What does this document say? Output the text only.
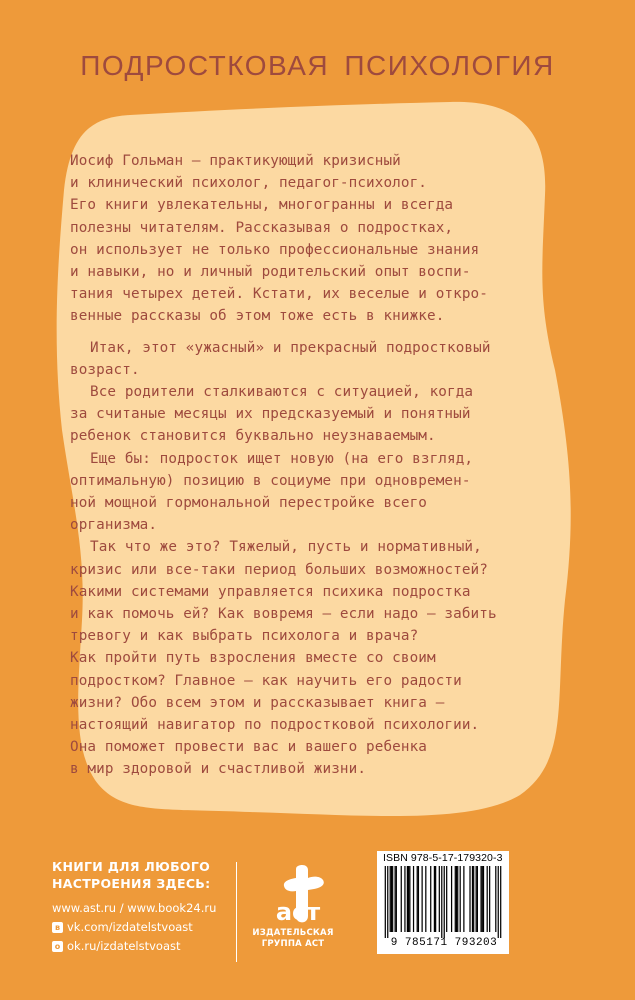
ПОДРОСТКОВАЯ ПСИХОЛОГИЯ

Иосиф Гольман — практикующий кризисный
и клинический психолог, педагог-психолог.
Его книги увлекательны, многогранны и всегда
полезны читателям. Рассказывая о подростках,
он использует не только профессиональные знания
и навыки, но и личный родительский опыт воспи-
тания четырех детей. Кстати, их веселые и откро-
венные рассказы об этом тоже есть в книжке.

Итак, этот «ужасный» и прекрасный подростковый
возраст.

Все родители сталкиваются с ситуацией, когда
за считаные месяцы их предсказуемый и понятный
ребенок становится буквально неузнаваемым.

Еще бы: подросток ищет новую (на его взгляд,
оптимальную) позицию в социуме при одновремен-
ной мощной гормональной перестройке всего
организма.

Так что же это? Тяжелый, пусть и нормативный,
кризис или все-таки период больших возможностей?
Какими системами управляется психика подростка
и как помочь ей? Как вовремя — если надо — забить
тревогу и как выбрать психолога и врача?
Как пройти путь взросления вместе со своим
подростком? Главное — как научить его радости
жизни? Обо всем этом и рассказывает книга —
настоящий навигатор по подростковой психологии.
Она поможет провести вас и вашего ребенка
в мир здоровой и счастливой жизни.

КНИГИ ДЛЯ ЛЮБОГО
НАСТРОЕНИЯ ЗДЕСЬ:
www.ast.ru / www.book24.ru
в vk.com/izdatelstvoast
о ok.ru/izdatelstvoast
аст
ИЗДАТЕЛЬСКАЯ
ГРУППА АСТ
ISBN 978-5-17-179320-3
9 785171 793203
